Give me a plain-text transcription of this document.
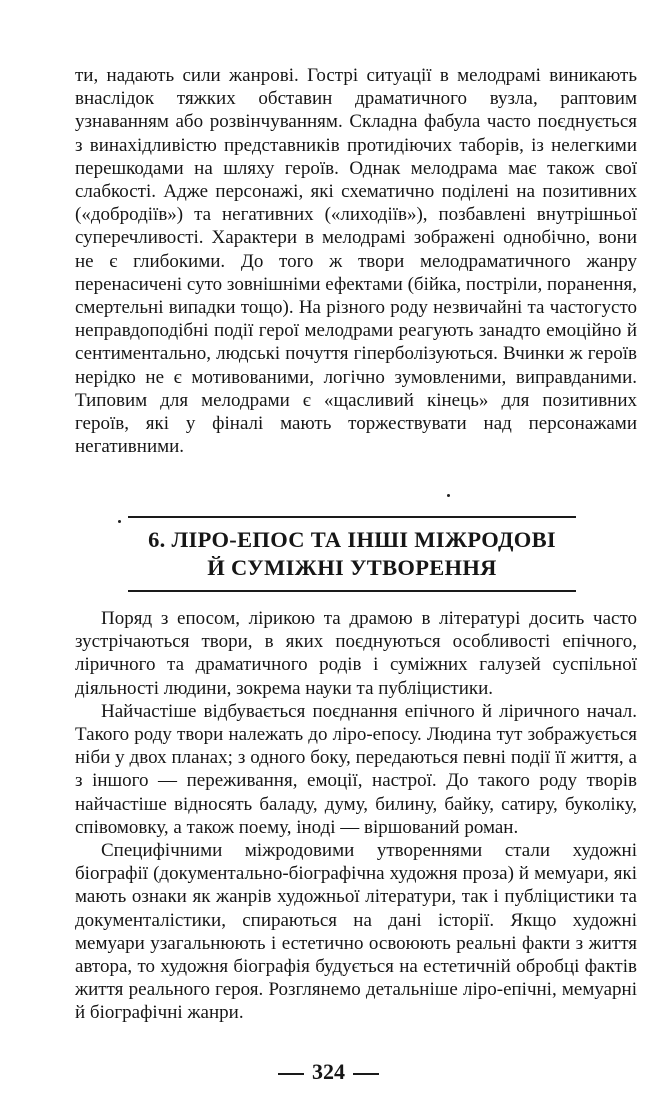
ти, надають сили жанрові. Гострі ситуації в мелодрамі виникають внаслідок тяжких обставин драматичного вузла, раптовим узнаванням або розвінчуванням. Складна фабула часто поєднується з винахідливістю представників протидіючих таборів, із нелегкими перешкодами на шляху героїв. Однак мелодрама має також свої слабкості. Адже персонажі, які схематично поділені на позитивних («добродіїв») та негативних («лиходіїв»), позбавлені внутрішньої суперечливості. Характери в мелодрамі зображені однобічно, вони не є глибокими. До того ж твори мелодраматичного жанру перенасичені суто зовнішніми ефектами (бійка, постріли, поранення, смертельні випадки тощо). На різного роду незвичайні та частогусто неправдоподібні події герої мелодрами реагують занадто емоційно й сентиментально, людські почуття гіперболізуються. Вчинки ж героїв нерідко не є мотивованими, логічно зумовленими, виправданими. Типовим для мелодрами є «щасливий кінець» для позитивних героїв, які у фіналі мають торжествувати над персонажами негативними.

6. ЛІРО-ЕПОС ТА ІНШІ МІЖРОДОВІ
Й СУМІЖНІ УТВОРЕННЯ

Поряд з епосом, лірикою та драмою в літературі досить часто зустрічаються твори, в яких поєднуються особливості епічного, ліричного та драматичного родів і суміжних галузей суспільної діяльності людини, зокрема науки та публіцистики.

Найчастіше відбувається поєднання епічного й ліричного начал. Такого роду твори належать до ліро-епосу. Людина тут зображується ніби у двох планах; з одного боку, передаються певні події її життя, а з іншого — переживання, емоції, настрої. До такого роду творів найчастіше відносять баладу, думу, билину, байку, сатиру, буколіку, співомовку, а також поему, іноді — віршований роман.

Специфічними міжродовими утвореннями стали художні біографії (документально-біографічна художня проза) й мемуари, які мають ознаки як жанрів художньої літератури, так і публіцистики та документалістики, спираються на дані історії. Якщо художні мемуари узагальнюють і естетично освоюють реальні факти з життя автора, то художня біографія будується на естетичній обробці фактів життя реального героя. Розглянемо детальніше ліро-епічні, мемуарні й біографічні жанри.

324
